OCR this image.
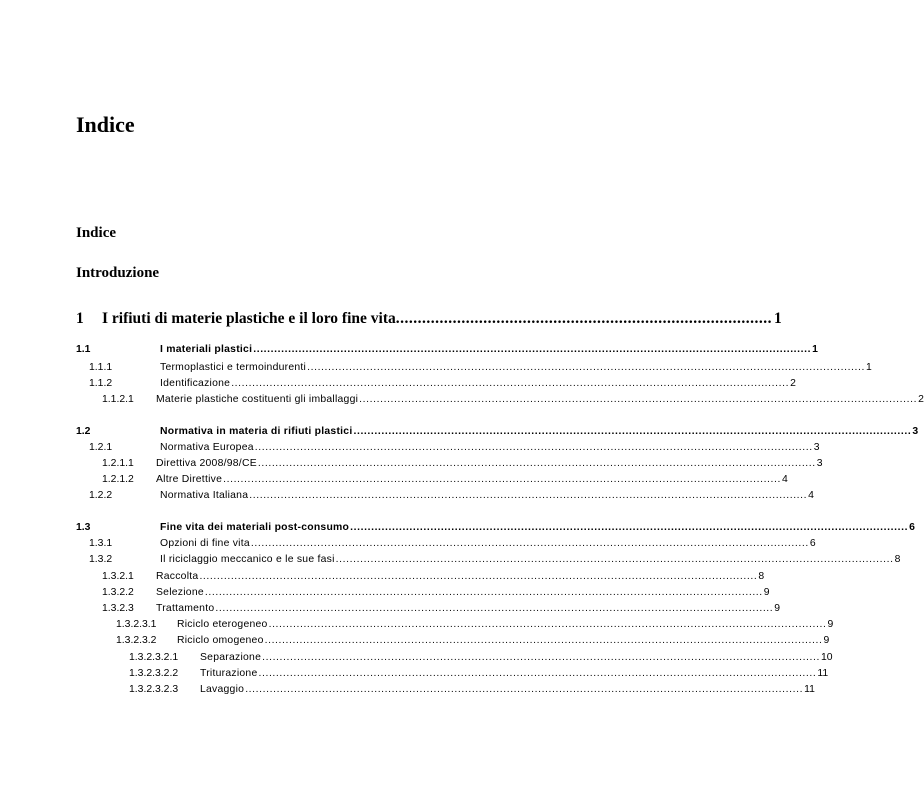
Indice
Indice
Introduzione
1	I rifiuti di materie plastiche e il loro fine vita ...................................................................................... 1
1.1	I materiali plastici ................................................................................................................................................................ 1
1.1.1	Termoplastici e termoindurenti ................................................................................................................................................................ 1
1.1.2	Identificazione ................................................................................................................................................................ 2
1.1.2.1 Materie plastiche costituenti gli imballaggi ................................................................................................................................................................ 2
1.2	Normativa in materia di rifiuti plastici ................................................................................................................................................................ 3
1.2.1	Normativa Europea ................................................................................................................................................................ 3
1.2.1.1 Direttiva 2008/98/CE ................................................................................................................................................................ 3
1.2.1.2 Altre Direttive ................................................................................................................................................................ 4
1.2.2	Normativa Italiana ................................................................................................................................................................ 4
1.3	Fine vita dei materiali post-consumo ................................................................................................................................................................ 6
1.3.1	Opzioni di fine vita ................................................................................................................................................................ 6
1.3.2	Il riciclaggio meccanico e le sue fasi ................................................................................................................................................................ 8
1.3.2.1 Raccolta ................................................................................................................................................................ 8
1.3.2.2 Selezione ................................................................................................................................................................ 9
1.3.2.3 Trattamento ................................................................................................................................................................ 9
1.3.2.3.1 Riciclo eterogeneo ................................................................................................................................................................ 9
1.3.2.3.2 Riciclo omogeneo ................................................................................................................................................................ 9
1.3.2.3.2.1 Separazione ................................................................................................................................................................ 10
1.3.2.3.2.2 Triturazione ................................................................................................................................................................ 11
1.3.2.3.2.3 Lavaggio ................................................................................................................................................................ 11
